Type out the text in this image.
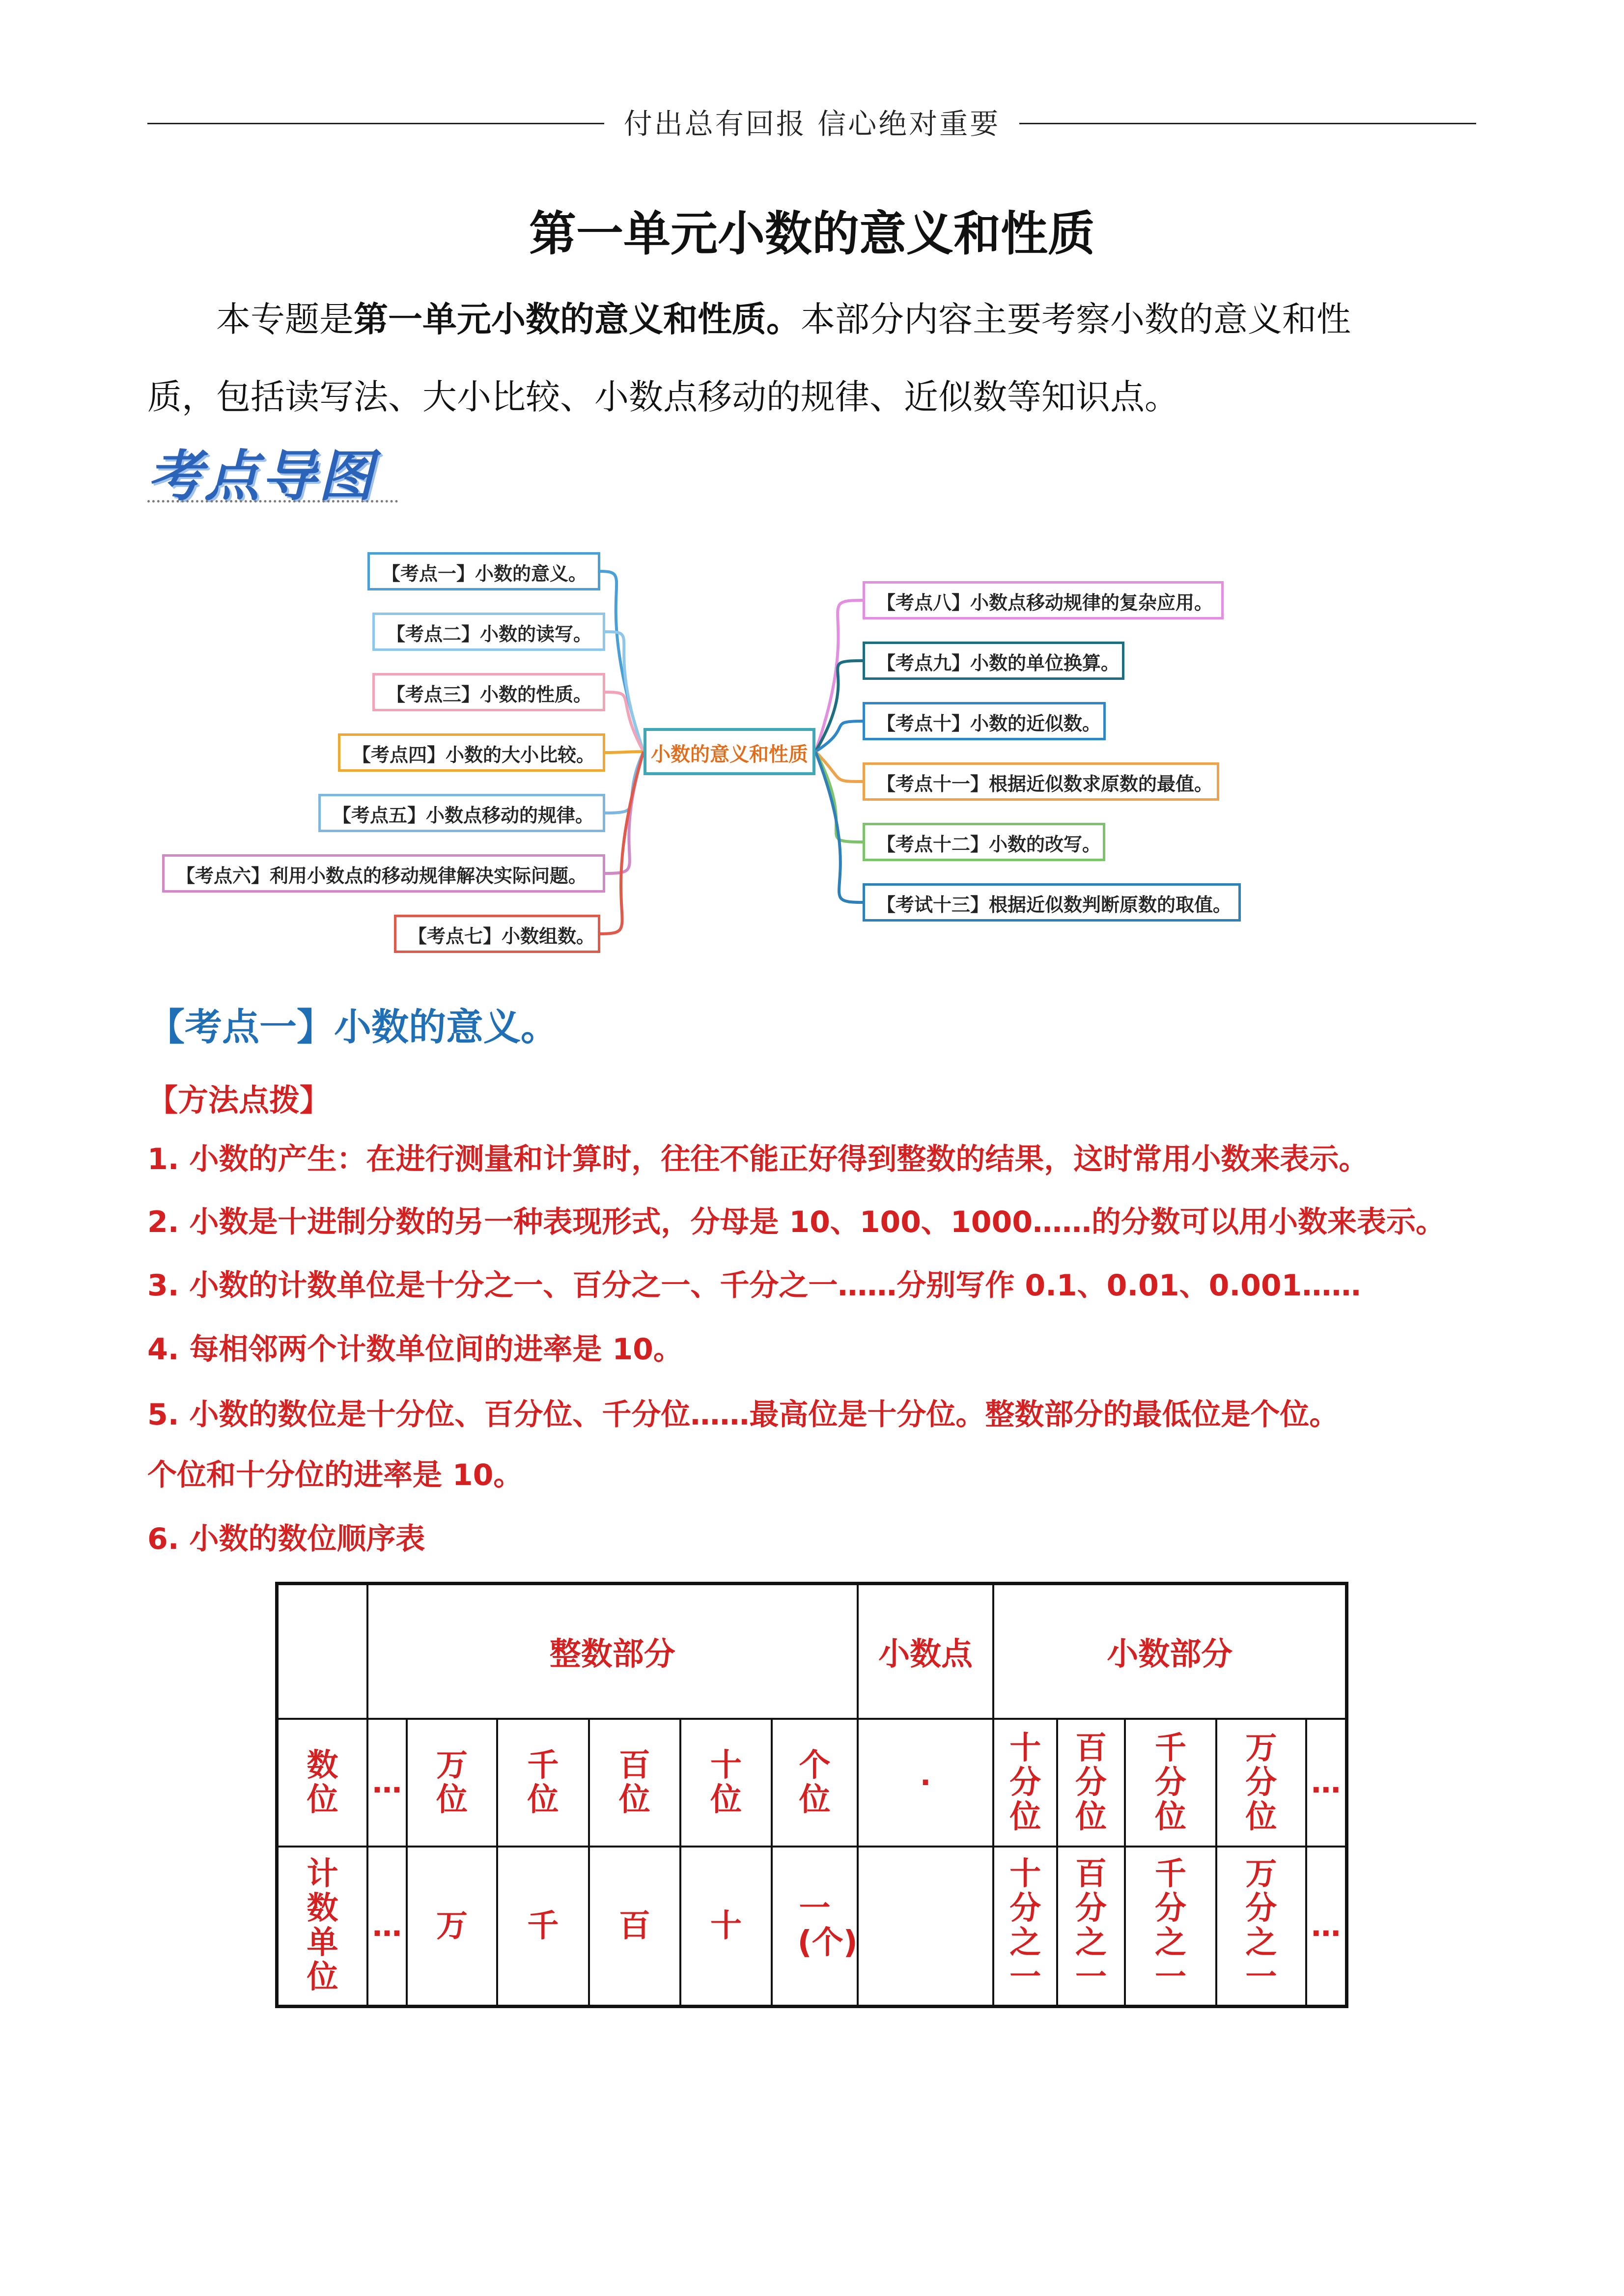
付出总有回报 信心绝对重要
第一单元小数的意义和性质
本专题是第一单元小数的意义和性质。本部分内容主要考察小数的意义和性
质，包括读写法、大小比较、小数点移动的规律、近似数等知识点。
考点导图
小数的意义和性质
【考点一】小数的意义。
【考点二】小数的读写。
【考点三】小数的性质。
【考点四】小数的大小比较。
【考点五】小数点移动的规律。
【考点六】利用小数点的移动规律解决实际问题。
【考点七】小数组数。
【考点八】小数点移动规律的复杂应用。
【考点九】小数的单位换算。
【考点十】小数的近似数。
【考点十一】根据近似数求原数的最值。
【考点十二】小数的改写。
【考试十三】根据近似数判断原数的取值。
【考点一】小数的意义。
【方法点拨】
1. 小数的产生：在进行测量和计算时，往往不能正好得到整数的结果，这时常用小数来表示。
2. 小数是十进制分数的另一种表现形式，分母是 10、100、1000……的分数可以用小数来表示。
3. 小数的计数单位是十分之一、百分之一、千分之一……分别写作 0.1、0.01、0.001……
4. 每相邻两个计数单位间的进率是 10。
5. 小数的数位是十分位、百分位、千分位……最高位是十分位。整数部分的最低位是个位。
个位和十分位的进率是 10。
6. 小数的数位顺序表
	整数部分						小数点	小数部分				
数位	…	万位	千位	百位	十位	个位	·	十分位	百分位	千分位	万分位	…
计数单位	…	万	千	百	十	一(个)		十分之一	百分之一	千分之一	万分之一	…
